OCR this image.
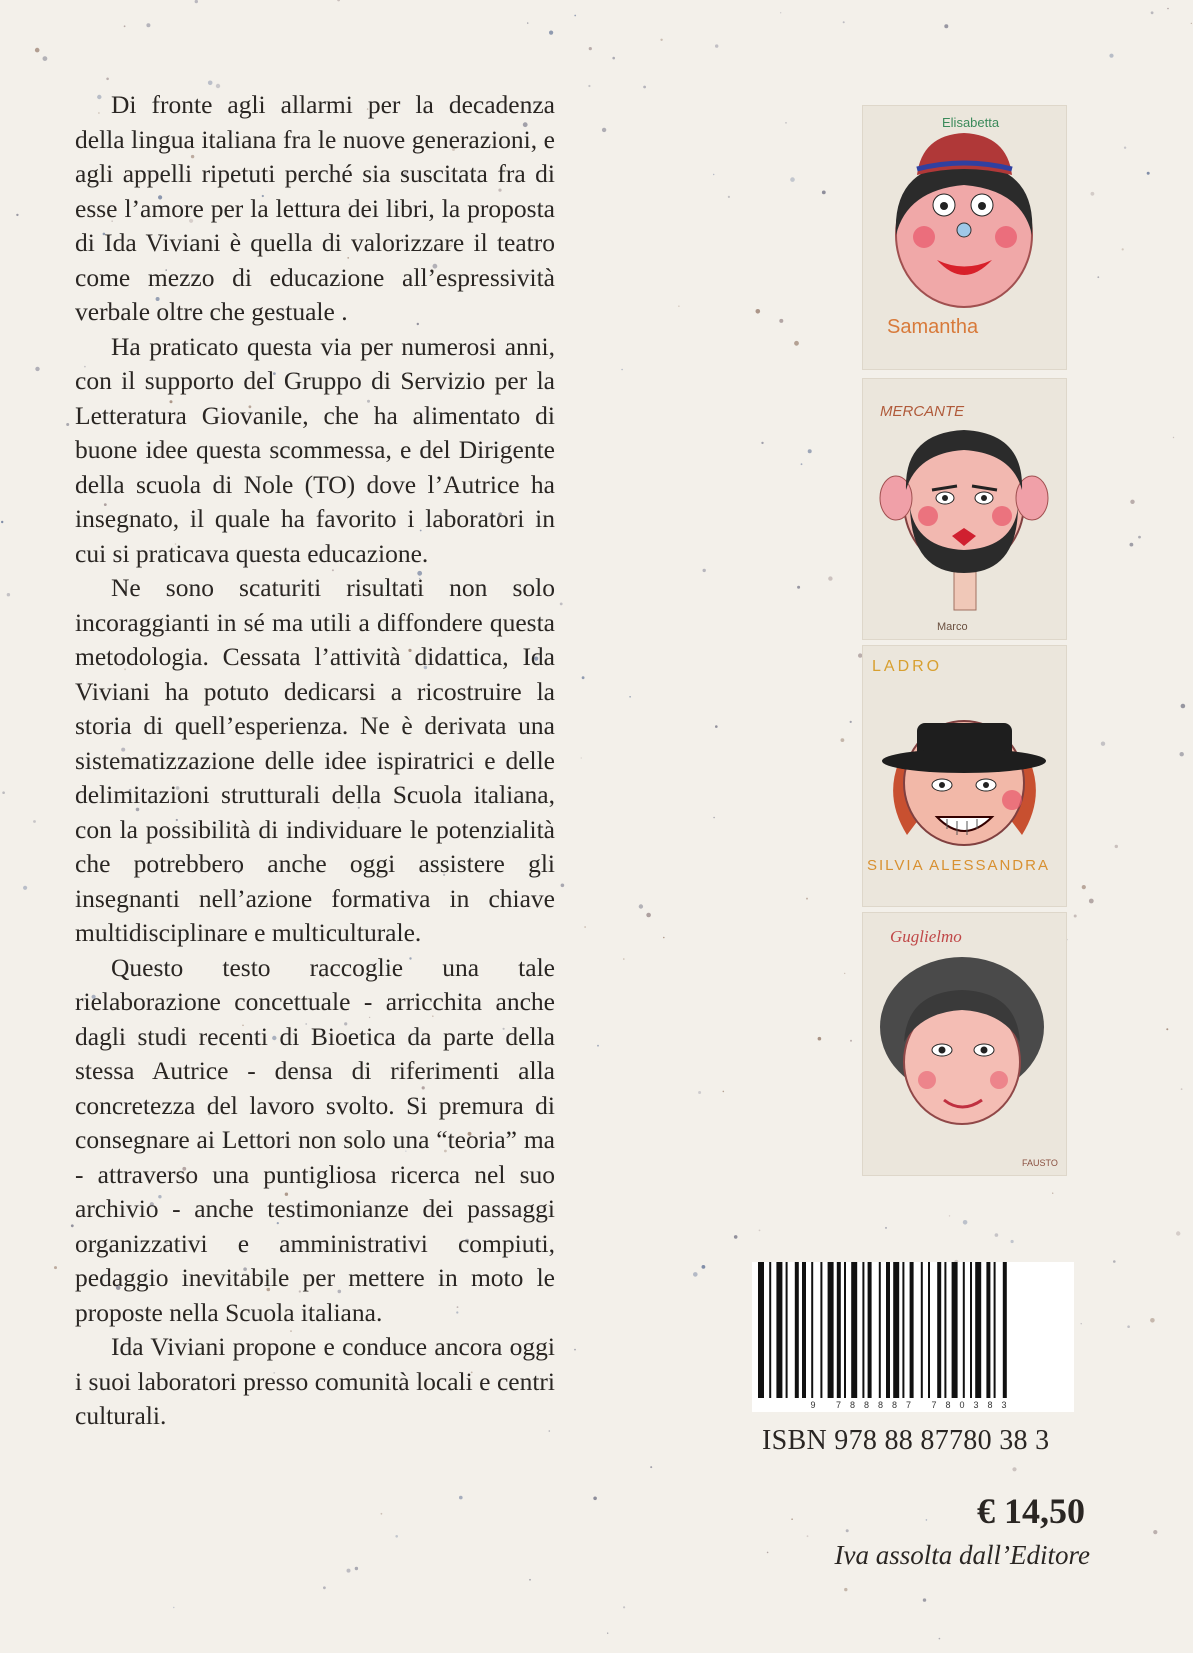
Di fronte agli allarmi per la decadenza della lingua italiana fra le nuove generazioni, e agli appelli ripetuti perché sia suscitata fra di esse l’amore per la lettura dei libri, la proposta di Ida Viviani è quella di valorizzare il teatro come mezzo di educazione all’espressività verbale oltre che gestuale .

Ha praticato questa via per numerosi anni, con il supporto del Gruppo di Servizio per la Letteratura Giovanile, che ha alimentato di buone idee questa scommessa, e del Dirigente della scuola di Nole (TO) dove l’Autrice ha insegnato, il quale ha favorito i laboratori in cui si praticava questa educazione.

Ne sono scaturiti risultati non solo incoraggianti in sé ma utili a diffondere questa metodologia. Cessata l’attività didattica, Ida Viviani ha potuto dedicarsi a ricostruire la storia di quell’esperienza. Ne è derivata una sistematizzazione delle idee ispiratrici e delle delimitazioni strutturali della Scuola italiana, con la possibilità di individuare le potenzialità che potrebbero anche oggi assistere gli insegnanti nell’azione formativa in chiave multidisciplinare e multiculturale.

Questo testo raccoglie una tale rielaborazione concettuale - arricchita anche dagli studi recenti di Bioetica da parte della stessa Autrice - densa di riferimenti alla concretezza del lavoro svolto. Si premura di consegnare ai Lettori non solo una “teoria” ma - attraverso una puntigliosa ricerca nel suo archivio - anche testimonianze dei passaggi organizzativi e amministrativi compiuti, pedaggio inevitabile per mettere in moto le proposte nella Scuola italiana.

Ida Viviani propone e conduce ancora oggi i suoi laboratori presso comunità locali e centri culturali.

Elisabetta
Samantha
MERCANTE
Marco
LADRO
SILVIA ALESSANDRA
Guglielmo
FAUSTO
9 788887 780383
ISBN 978 88 87780 38 3
€ 14,50
Iva assolta dall’Editore
